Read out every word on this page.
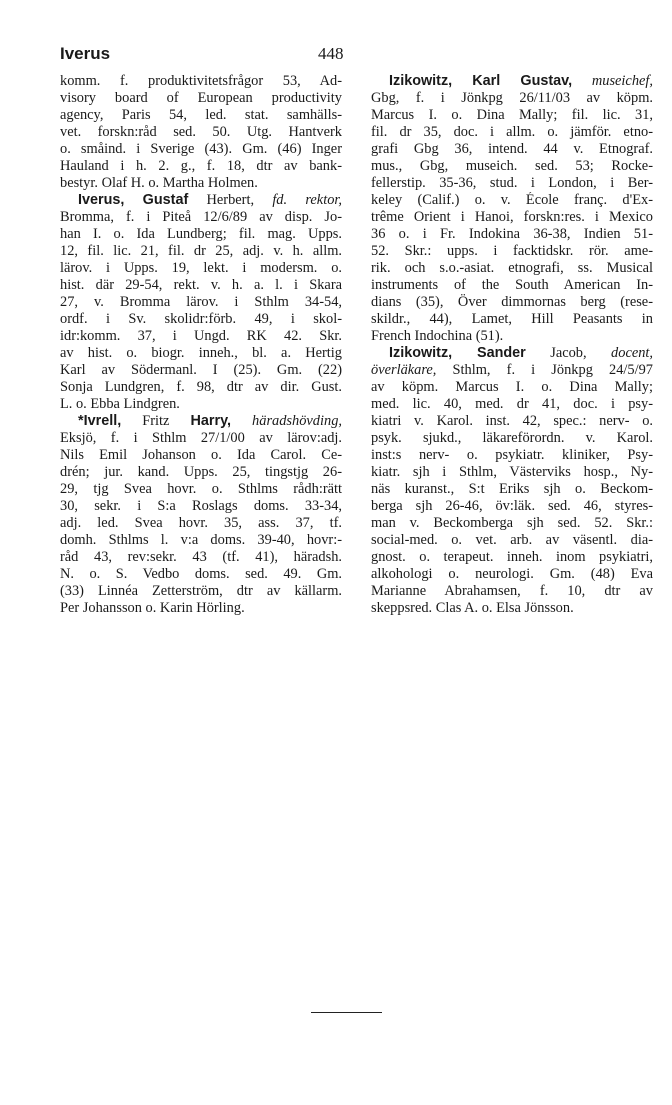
Iverus	448
komm. f. produktivitetsfrågor 53, Ad-
visory board of European productivity
agency, Paris 54, led. stat. samhälls-
vet. forskn:råd sed. 50. Utg. Hantverk
o. småind. i Sverige (43). Gm. (46) Inger
Hauland i h. 2. g., f. 18, dtr av bank-
bestyr. Olaf H. o. Martha Holmen.
Iverus, Gustaf Herbert, fd. rektor,
Bromma, f. i Piteå 12/6/89 av disp. Jo-
han I. o. Ida Lundberg; fil. mag. Upps.
12, fil. lic. 21, fil. dr 25, adj. v. h. allm.
lärov. i Upps. 19, lekt. i modersm. o.
hist. där 29-54, rekt. v. h. a. l. i Skara
27, v. Bromma lärov. i Sthlm 34-54,
ordf. i Sv. skolidr:förb. 49, i skol-
idr:komm. 37, i Ungd. RK 42. Skr.
av hist. o. biogr. inneh., bl. a. Hertig
Karl av Södermanl. I (25). Gm. (22)
Sonja Lundgren, f. 98, dtr av dir. Gust.
L. o. Ebba Lindgren.
*Ivrell, Fritz Harry, häradshövding,
Eksjö, f. i Sthlm 27/1/00 av lärov:adj.
Nils Emil Johanson o. Ida Carol. Ce-
drén; jur. kand. Upps. 25, tingstjg 26-
29, tjg Svea hovr. o. Sthlms rådh:rätt
30, sekr. i S:a Roslags doms. 33-34,
adj. led. Svea hovr. 35, ass. 37, tf.
domh. Sthlms l. v:a doms. 39-40, hovr:-
råd 43, rev:sekr. 43 (tf. 41), häradsh.
N. o. S. Vedbo doms. sed. 49. Gm.
(33) Linnéa Zetterström, dtr av källarm.
Per Johansson o. Karin Hörling.
Izikowitz, Karl Gustav, museichef,
Gbg, f. i Jönkpg 26/11/03 av köpm.
Marcus I. o. Dina Mally; fil. lic. 31,
fil. dr 35, doc. i allm. o. jämför. etno-
grafi Gbg 36, intend. 44 v. Etnograf.
mus., Gbg, museich. sed. 53; Rocke-
fellerstip. 35-36, stud. i London, i Ber-
keley (Calif.) o. v. École franç. d'Ex-
trême Orient i Hanoi, forskn:res. i Mexico
36 o. i Fr. Indokina 36-38, Indien 51-
52. Skr.: upps. i facktidskr. rör. ame-
rik. och s.o.-asiat. etnografi, ss. Musical
instruments of the South American In-
dians (35), Över dimmornas berg (rese-
skildr., 44), Lamet, Hill Peasants in
French Indochina (51).
Izikowitz, Sander Jacob, docent,
överläkare, Sthlm, f. i Jönkpg 24/5/97
av köpm. Marcus I. o. Dina Mally;
med. lic. 40, med. dr 41, doc. i psy-
kiatri v. Karol. inst. 42, spec.: nerv- o.
psyk. sjukd., läkareförordn. v. Karol.
inst:s nerv- o. psykiatr. kliniker, Psy-
kiatr. sjh i Sthlm, Västerviks hosp., Ny-
näs kuranst., S:t Eriks sjh o. Beckom-
berga sjh 26-46, öv:läk. sed. 46, styres-
man v. Beckomberga sjh sed. 52. Skr.:
social-med. o. vet. arb. av väsentl. dia-
gnost. o. terapeut. inneh. inom psykiatri,
alkohologi o. neurologi. Gm. (48) Eva
Marianne Abrahamsen, f. 10, dtr av
skeppsred. Clas A. o. Elsa Jönsson.
